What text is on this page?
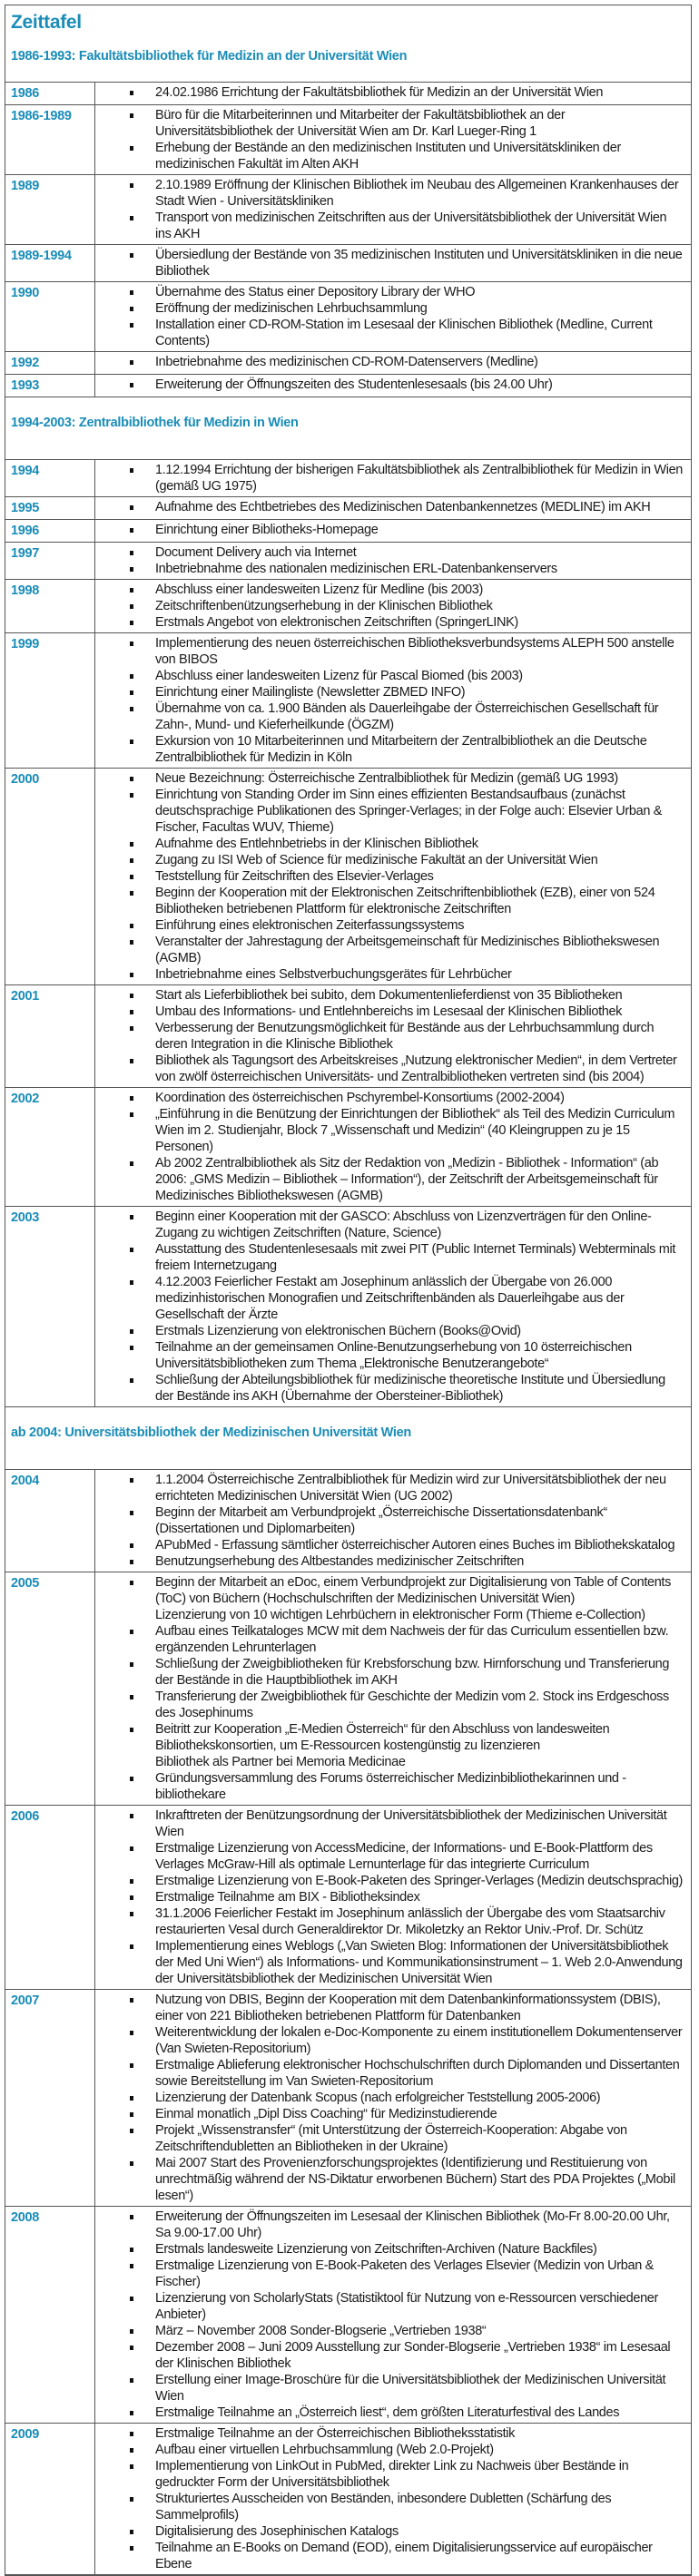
Zeittafel
1986-1993: Fakultätsbibliothek für Medizin an der Universität Wien
1986	24.02.1986 Errichtung der Fakultätsbibliothek für Medizin an der Universität Wien

1986-1989	Büro für die Mitarbeiterinnen und Mitarbeiter der Fakultätsbibliothek an der Universitätsbibliothek der Universität Wien am Dr. Karl Lueger-Ring 1
Erhebung der Bestände an den medizinischen Instituten und Universitätskliniken der medizinischen Fakultät im Alten AKH

1989	2.10.1989 Eröffnung der Klinischen Bibliothek im Neubau des Allgemeinen Krankenhauses der Stadt Wien - Universitätskliniken
Transport von medizinischen Zeitschriften aus der Universitätsbibliothek der Universität Wien ins AKH

1989-1994	Übersiedlung der Bestände von 35 medizinischen Instituten und Universitätskliniken in die neue Bibliothek

1990	Übernahme des Status einer Depository Library der WHO
Eröffnung der medizinischen Lehrbuchsammlung
Installation einer CD-ROM-Station im Lesesaal der Klinischen Bibliothek (Medline, Current Contents)

1992	Inbetriebnahme des medizinischen CD-ROM-Datenservers (Medline)

1993	Erweiterung der Öffnungszeiten des Studentenlesesaals (bis 24.00 Uhr)
1994-2003: Zentralbibliothek für Medizin in Wien
1994	1.12.1994 Errichtung der bisherigen Fakultätsbibliothek als Zentralbibliothek für Medizin in Wien (gemäß UG 1975)

1995	Aufnahme des Echtbetriebes des Medizinischen Datenbankennetzes (MEDLINE) im AKH

1996	Einrichtung einer Bibliotheks-Homepage

1997	Document Delivery auch via Internet
Inbetriebnahme des nationalen medizinischen ERL-Datenbankenservers

1998	Abschluss einer landesweiten Lizenz für Medline (bis 2003)
Zeitschriftenbenützungserhebung in der Klinischen Bibliothek
Erstmals Angebot von elektronischen Zeitschriften (SpringerLINK)

1999	Implementierung des neuen österreichischen Bibliotheksverbundsystems ALEPH 500 anstelle von BIBOS
Abschluss einer landesweiten Lizenz für Pascal Biomed (bis 2003)
Einrichtung einer Mailingliste (Newsletter ZBMED INFO)
Übernahme von ca. 1.900 Bänden als Dauerleihgabe der Österreichischen Gesellschaft für Zahn-, Mund- und Kieferheilkunde (ÖGZM)
Exkursion von 10 Mitarbeiterinnen und Mitarbeitern der Zentralbibliothek an die Deutsche Zentralbibliothek für Medizin in Köln

2000	Neue Bezeichnung: Österreichische Zentralbibliothek für Medizin (gemäß UG 1993)
Einrichtung von Standing Order im Sinn eines effizienten Bestandsaufbaus (zunächst deutschsprachige Publikationen des Springer-Verlages; in der Folge auch: Elsevier Urban & Fischer, Facultas WUV, Thieme)
Aufnahme des Entlehnbetriebs in der Klinischen Bibliothek
Zugang zu ISI Web of Science für medizinische Fakultät an der Universität Wien
Teststellung für Zeitschriften des Elsevier-Verlages
Beginn der Kooperation mit der Elektronischen Zeitschriftenbibliothek (EZB), einer von 524 Bibliotheken betriebenen Plattform für elektronische Zeitschriften
Einführung eines elektronischen Zeiterfassungssystems
Veranstalter der Jahrestagung der Arbeitsgemeinschaft für Medizinisches Bibliothekswesen (AGMB)
Inbetriebnahme eines Selbstverbuchungsgerätes für Lehrbücher

2001	Start als Lieferbibliothek bei subito, dem Dokumentenlieferdienst von 35 Bibliotheken
Umbau des Informations- und Entlehnbereichs im Lesesaal der Klinischen Bibliothek
Verbesserung der Benutzungsmöglichkeit für Bestände aus der Lehrbuchsammlung durch deren Integration in die Klinische Bibliothek
Bibliothek als Tagungsort des Arbeitskreises „Nutzung elektronischer Medien“, in dem Vertreter von zwölf österreichischen Universitäts- und Zentralbibliotheken vertreten sind (bis 2004)

2002	Koordination des österreichischen Pschyrembel-Konsortiums (2002-2004)
„Einführung in die Benützung der Einrichtungen der Bibliothek“ als Teil des Medizin Curriculum Wien im 2. Studienjahr, Block 7 „Wissenschaft und Medizin“ (40 Kleingruppen zu je 15 Personen)
Ab 2002 Zentralbibliothek als Sitz der Redaktion von „Medizin - Bibliothek - Information“ (ab 2006: „GMS Medizin – Bibliothek – Information“), der Zeitschrift der Arbeitsgemeinschaft für Medizinisches Bibliothekswesen (AGMB)

2003	Beginn einer Kooperation mit der GASCO: Abschluss von Lizenzverträgen für den Online-Zugang zu wichtigen Zeitschriften (Nature, Science)
Ausstattung des Studentenlesesaals mit zwei PIT (Public Internet Terminals) Webterminals mit freiem Internetzugang
4.12.2003 Feierlicher Festakt am Josephinum anlässlich der Übergabe von 26.000 medizinhistorischen Monografien und Zeitschriftenbänden als Dauerleihgabe aus der Gesellschaft der Ärzte
Erstmals Lizenzierung von elektronischen Büchern (Books@Ovid)
Teilnahme an der gemeinsamen Online-Benutzungserhebung von 10 österreichischen Universitätsbibliotheken zum Thema „Elektronische Benutzerangebote“
Schließung der Abteilungsbibliothek für medizinische theoretische Institute und Übersiedlung der Bestände ins AKH (Übernahme der Obersteiner-Bibliothek)
ab 2004: Universitätsbibliothek der Medizinischen Universität Wien
2004	1.1.2004 Österreichische Zentralbibliothek für Medizin wird zur Universitätsbibliothek der neu errichteten Medizinischen Universität Wien (UG 2002)
Beginn der Mitarbeit am Verbundprojekt „Österreichische Dissertationsdatenbank“ (Dissertationen und Diplomarbeiten)
APubMed - Erfassung sämtlicher österreichischer Autoren eines Buches im Bibliothekskatalog
Benutzungserhebung des Altbestandes medizinischer Zeitschriften

2005	Beginn der Mitarbeit an eDoc, einem Verbundprojekt zur Digitalisierung von Table of Contents (ToC) von Büchern (Hochschulschriften der Medizinischen Universität Wien)
Lizenzierung von 10 wichtigen Lehrbüchern in elektronischer Form (Thieme e-Collection)
Aufbau eines Teilkataloges MCW mit dem Nachweis der für das Curriculum essentiellen bzw. ergänzenden Lehrunterlagen
Schließung der Zweigbibliotheken für Krebsforschung bzw. Hirnforschung und Transferierung der Bestände in die Hauptbibliothek im AKH
Transferierung der Zweigbibliothek für Geschichte der Medizin vom 2. Stock ins Erdgeschoss des Josephinums
Beitritt zur Kooperation „E-Medien Österreich“ für den Abschluss von landesweiten Bibliothekskonsortien, um E-Ressourcen kostengünstig zu lizenzieren
Bibliothek als Partner bei Memoria Medicinae
Gründungsversammlung des Forums österreichischer Medizinbibliothekarinnen und -bibliothekare

2006	Inkrafttreten der Benützungsordnung der Universitätsbibliothek der Medizinischen Universität Wien
Erstmalige Lizenzierung von AccessMedicine, der Informations- und E-Book-Plattform des Verlages McGraw-Hill als optimale Lernunterlage für das integrierte Curriculum
Erstmalige Lizenzierung von E-Book-Paketen des Springer-Verlages (Medizin deutschsprachig)
Erstmalige Teilnahme am BIX - Bibliotheksindex
31.1.2006 Feierlicher Festakt im Josephinum anlässlich der Übergabe des vom Staatsarchiv restaurierten Vesal durch Generaldirektor Dr. Mikoletzky an Rektor Univ.-Prof. Dr. Schütz
Implementierung eines Weblogs („Van Swieten Blog: Informationen der Universitätsbibliothek der Med Uni Wien“) als Informations- und Kommunikationsinstrument – 1. Web 2.0-Anwendung der Universitätsbibliothek der Medizinischen Universität Wien

2007	Nutzung von DBIS, Beginn der Kooperation mit dem Datenbankinformationssystem (DBIS), einer von 221 Bibliotheken betriebenen Plattform für Datenbanken
Weiterentwicklung der lokalen e-Doc-Komponente zu einem institutionellem Dokumentenserver (Van Swieten-Repositorium)
Erstmalige Ablieferung elektronischer Hochschulschriften durch Diplomanden und Dissertanten sowie Bereitstellung im Van Swieten-Repositorium
Lizenzierung der Datenbank Scopus (nach erfolgreicher Teststellung 2005-2006)
Einmal monatlich „Dipl Diss Coaching“ für Medizinstudierende
Projekt „Wissenstransfer“ (mit Unterstützung der Österreich-Kooperation: Abgabe von Zeitschriftendubletten an Bibliotheken in der Ukraine)
Mai 2007 Start des Provenienzforschungsprojektes (Identifizierung und Restituierung von unrechtmäßig während der NS-Diktatur erworbenen Büchern) Start des PDA Projektes („Mobil lesen“)

2008	Erweiterung der Öffnungszeiten im Lesesaal der Klinischen Bibliothek (Mo-Fr 8.00-20.00 Uhr, Sa 9.00-17.00 Uhr)
Erstmals landesweite Lizenzierung von Zeitschriften-Archiven (Nature Backfiles)
Erstmalige Lizenzierung von E-Book-Paketen des Verlages Elsevier (Medizin von Urban & Fischer)
Lizenzierung von ScholarlyStats (Statistiktool für Nutzung von e-Ressourcen verschiedener Anbieter)
März – November 2008 Sonder-Blogserie „Vertrieben 1938“
Dezember 2008 – Juni 2009 Ausstellung zur Sonder-Blogserie „Vertrieben 1938“ im Lesesaal der Klinischen Bibliothek
Erstellung einer Image-Broschüre für die Universitätsbibliothek der Medizinischen Universität Wien
Erstmalige Teilnahme an „Österreich liest“, dem größten Literaturfestival des Landes

2009	Erstmalige Teilnahme an der Österreichischen Bibliotheksstatistik
Aufbau einer virtuellen Lehrbuchsammlung (Web 2.0-Projekt)
Implementierung von LinkOut in PubMed, direkter Link zu Nachweis über Bestände in gedruckter Form der Universitätsbibliothek
Strukturiertes Ausscheiden von Beständen, inbesondere Dubletten (Schärfung des Sammelprofils)
Digitalisierung des Josephinischen Katalogs
Teilnahme an E-Books on Demand (EOD), einem Digitalisierungsservice auf europäischer Ebene
